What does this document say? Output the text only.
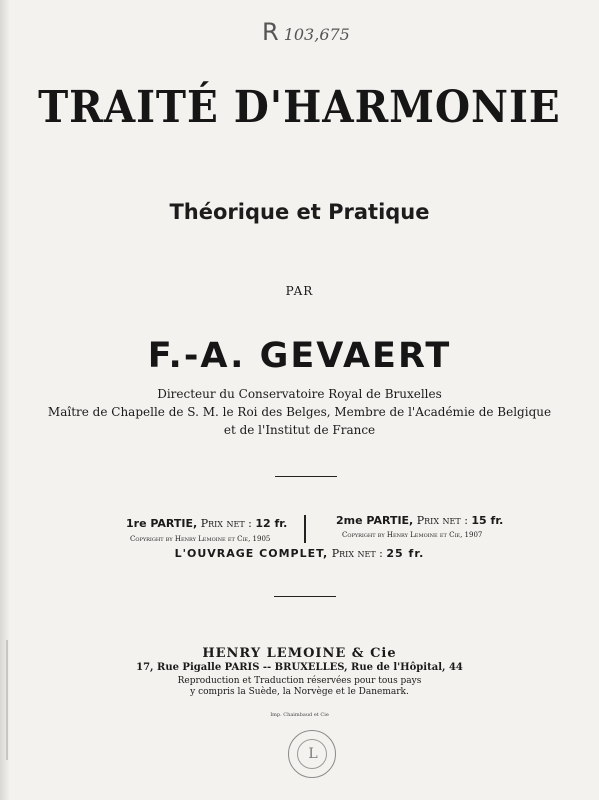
R 103,675
TRAITÉ D'HARMONIE
Théorique et Pratique
PAR
F.-A. GEVAERT
Directeur du Conservatoire Royal de Bruxelles
Maître de Chapelle de S. M. le Roi des Belges, Membre de l'Académie de Belgique
et de l'Institut de France
1re PARTIE, Prix net : 12 fr.
Copyright by Henry Lemoine et Cie, 1905
2me PARTIE, Prix net : 15 fr.
Copyright by Henry Lemoine et Cie, 1907
L'OUVRAGE COMPLET, Prix net : 25 fr.
HENRY LEMOINE & Cie
17, Rue Pigalle PARIS -- BRUXELLES, Rue de l'Hôpital, 44
Reproduction et Traduction réservées pour tous pays
y compris la Suède, la Norvège et le Danemark.
Imp. Chaimbaud et Cie
L
